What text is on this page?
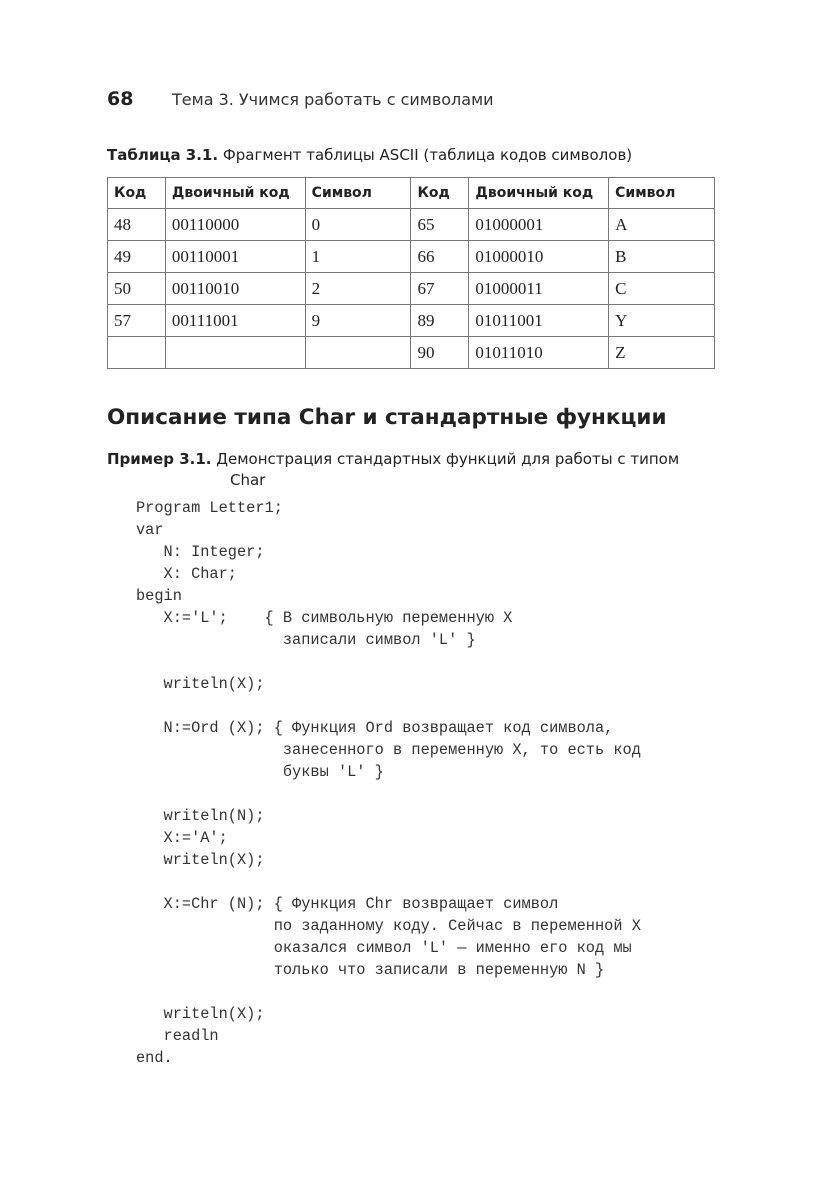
68 Тема 3. Учимся работать с символами
Таблица 3.1. Фрагмент таблицы ASCII (таблица кодов символов)
Код	Двоичный код	Символ	Код	Двоичный код	Символ
48	00110000	0	65	01000001	A
49	00110001	1	66	01000010	B
50	00110010	2	67	01000011	C
57	00111001	9	89	01011001	Y
			90	01011010	Z
Описание типа Char и стандартные функции
Пример 3.1. Демонстрация стандартных функций для работы с типом
Char
Program Letter1;
var
N: Integer;
X: Char;
begin
X:='L';    { В символьную переменную X
записали символ 'L' }

writeln(X);

N:=Ord (X); { Функция Ord возвращает код символа,
занесенного в переменную X, то есть код
буквы 'L' }

writeln(N);
X:='A';
writeln(X);

X:=Chr (N); { Функция Chr возвращает символ
по заданному коду. Сейчас в переменной X
оказался символ 'L' — именно его код мы
только что записали в переменную N }

writeln(X);
readln
end.
